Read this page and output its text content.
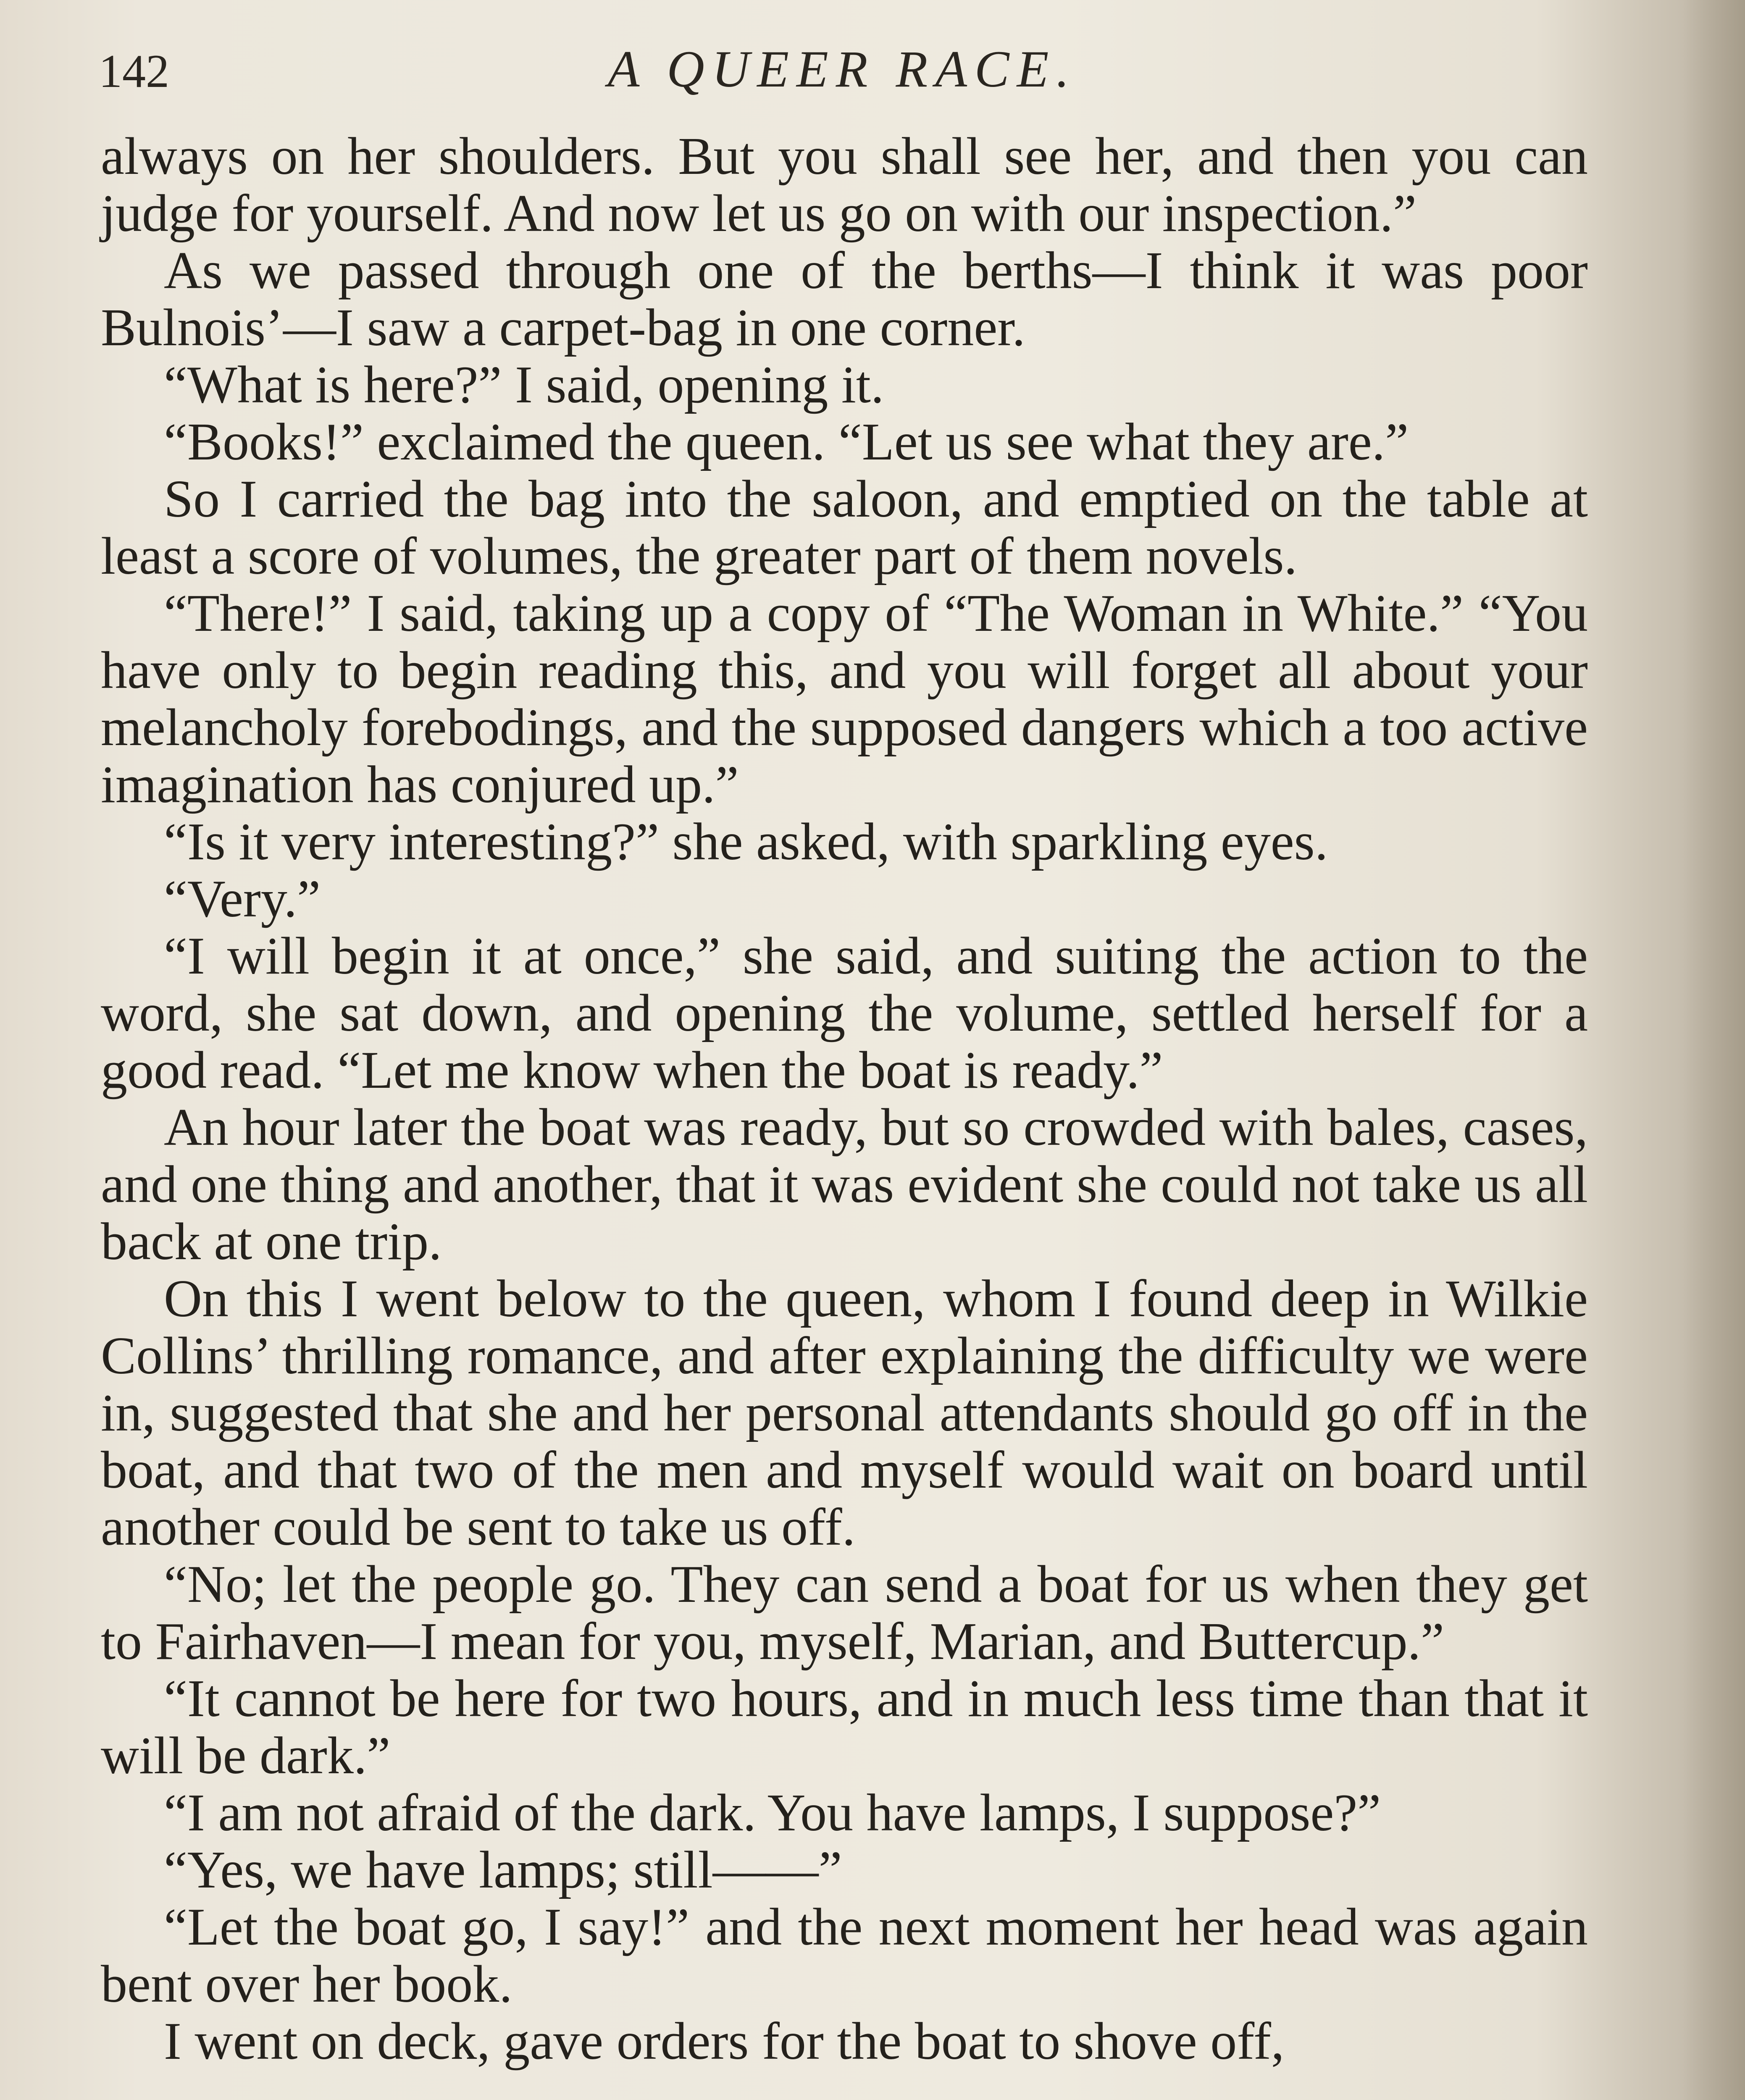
142	A QUEER RACE.

always on her shoulders. But you shall see her, and then you can judge for yourself. And now let us go on with our inspection.”

As we passed through one of the berths—I think it was poor Bulnois’—I saw a carpet-bag in one corner.

“What is here?” I said, opening it.

“Books!” exclaimed the queen. “Let us see what they are.”

So I carried the bag into the saloon, and emptied on the table at least a score of volumes, the greater part of them novels.

“There!” I said, taking up a copy of “The Woman in White.” “You have only to begin reading this, and you will forget all about your melancholy forebodings, and the supposed dangers which a too active imagination has conjured up.”

“Is it very interesting?” she asked, with sparkling eyes.

“Very.”

“I will begin it at once,” she said, and suiting the action to the word, she sat down, and opening the volume, settled herself for a good read. “Let me know when the boat is ready.”

An hour later the boat was ready, but so crowded with bales, cases, and one thing and another, that it was evident she could not take us all back at one trip.

On this I went below to the queen, whom I found deep in Wilkie Collins’ thrilling romance, and after explaining the difficulty we were in, suggested that she and her personal attendants should go off in the boat, and that two of the men and myself would wait on board until another could be sent to take us off.

“No; let the people go. They can send a boat for us when they get to Fairhaven—I mean for you, myself, Marian, and Buttercup.”

“It cannot be here for two hours, and in much less time than that it will be dark.”

“I am not afraid of the dark. You have lamps, I suppose?”

“Yes, we have lamps; still——”

“Let the boat go, I say!” and the next moment her head was again bent over her book.

I went on deck, gave orders for the boat to shove off,
